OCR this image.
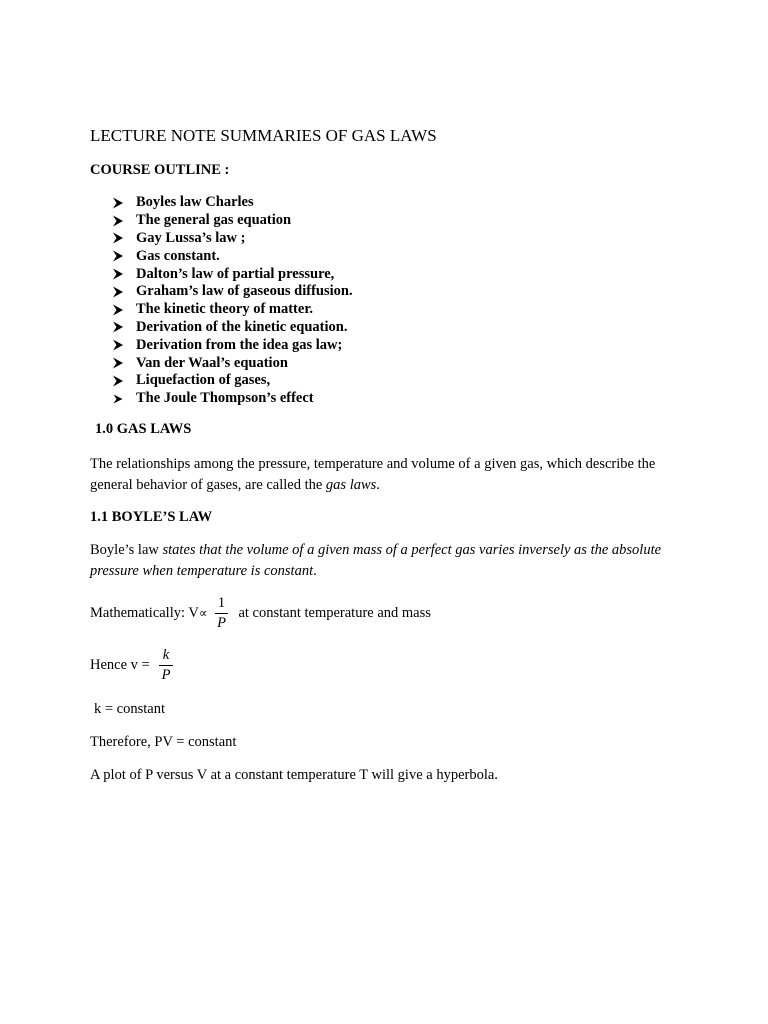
LECTURE NOTE SUMMARIES OF GAS LAWS
COURSE OUTLINE :
Boyles law Charles
The general gas equation
Gay Lussa’s law ;
Gas constant.
Dalton’s law of partial pressure,
Graham’s law of gaseous diffusion.
The kinetic theory of matter.
Derivation of the kinetic equation.
Derivation from the idea gas law;
Van der Waal’s equation
Liquefaction of gases,
The Joule Thompson’s effect
1.0 GAS LAWS
The relationships among the pressure, temperature and volume of a given gas, which describe the general behavior of gases, are called the gas laws.
1.1 BOYLE’S LAW
Boyle’s law states that the volume of a given mass of a perfect gas varies inversely as the absolute pressure when temperature is constant.
Mathematically: V∝ at constant temperature and mass
1
P
Hence v =
k
P
k = constant
Therefore, PV = constant
A plot of P versus V at a constant temperature T will give a hyperbola.
